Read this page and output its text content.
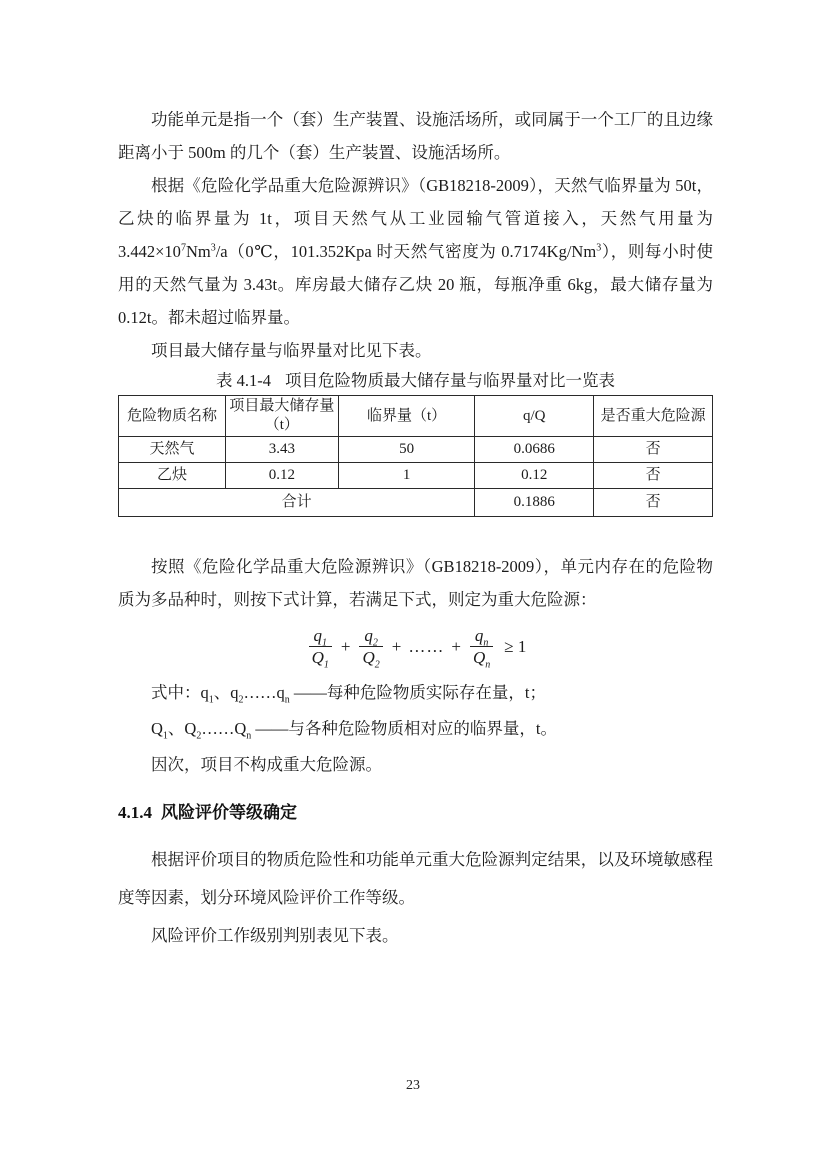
功能单元是指一个（套）生产装置、设施活场所，或同属于一个工厂的且边缘距离小于 500m 的几个（套）生产装置、设施活场所。

根据《危险化学品重大危险源辨识》（GB18218-2009），天然气临界量为 50t，乙炔的临界量为 1t，项目天然气从工业园输气管道接入，天然气用量为 $3.442\times 10^7Nm^3/a(0℃$，101.352Kpa 时天然气密度为 0.7174Kg/Nm$^3$），则每小时使用的天然气量为 3.43t。库房最大储存乙炔 20 瓶，每瓶净重 6kg，最大储存量为 0.12t。都未超过临界量。

项目最大储存量与临界量对比见下表。

表 4.1-4 项目危险物质最大储存量与临界量对比一览表
危险物质名称	项目最大储存量（t）	临界量（t）	q/Q	是否重大危险源
天然气	3.43	50	0.0686	否
乙炔	0.12	1	0.12	否
合计			0.1886	否

按照《危险化学品重大危险源辨识》（GB18218-2009），单元内存在的危险物质为多品种时，则按下式计算，若满足下式，则定为重大危险源：

$\frac{q_1}{Q_1} + \frac{q_2}{Q_2}$ + …… + $\frac{q_n}{Q_n} \ge 1$

式中：$q_1$、$q_2\dots\dots q_n$ ——每种危险物质实际存在量，t；

$Q_1$、$Q_2\dots\dots Q_n$ ——与各种危险物质相对应的临界量，t。

因次，项目不构成重大危险源。

4.1.4 风险评价等级确定

根据评价项目的物质危险性和功能单元重大危险源判定结果，以及环境敏感程度等因素，划分环境风险评价工作等级。

风险评价工作级别判别表见下表。

23
